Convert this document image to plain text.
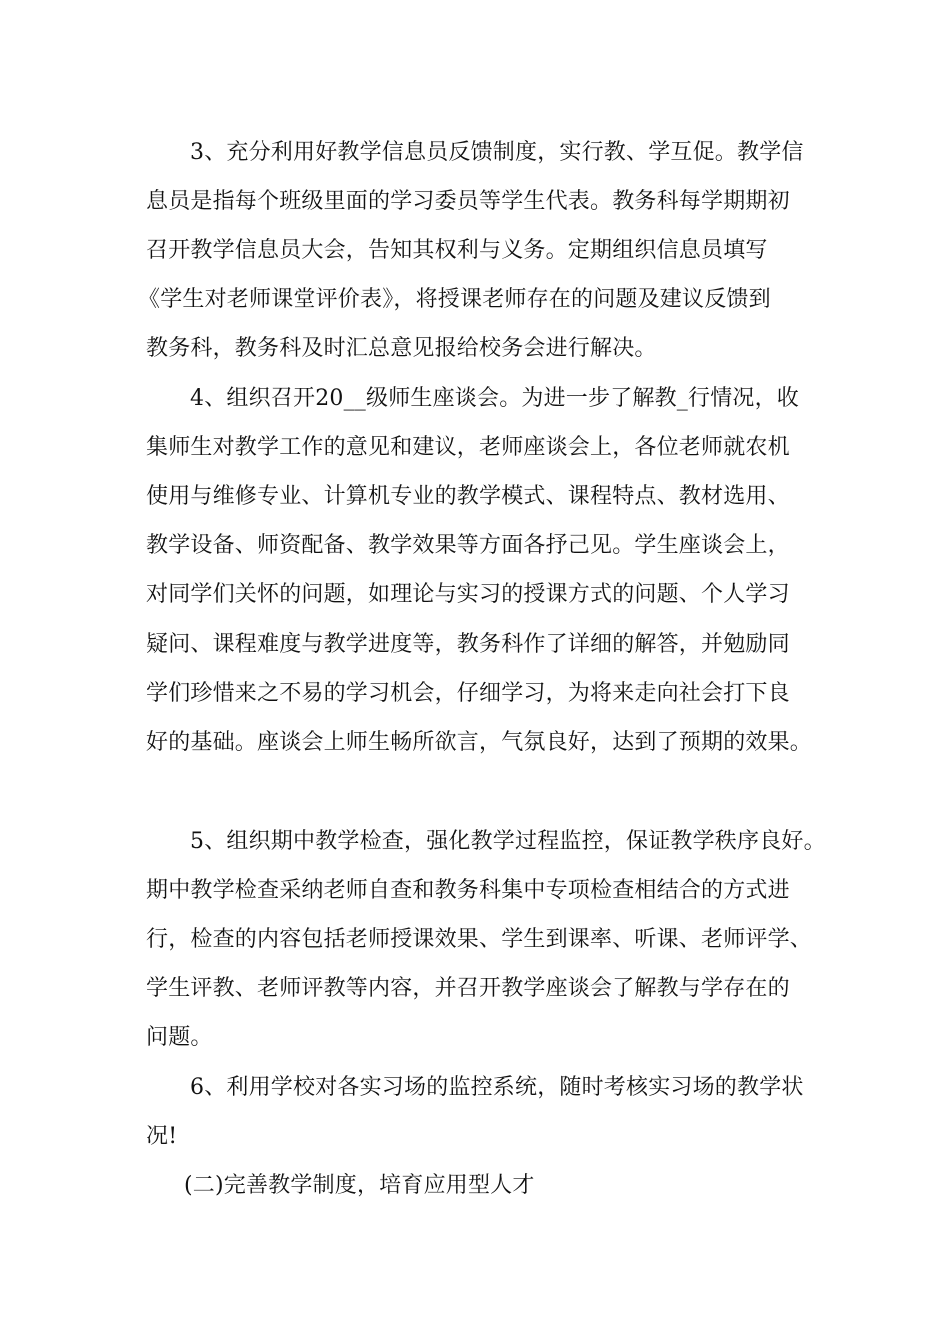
3、充分利用好教学信息员反馈制度，实行教、学互促。教学信
息员是指每个班级里面的学习委员等学生代表。教务科每学期期初
召开教学信息员大会，告知其权利与义务。定期组织信息员填写
《学生对老师课堂评价表》，将授课老师存在的问题及建议反馈到
教务科，教务科及时汇总意见报给校务会进行解决。
4、组织召开20__级师生座谈会。为进一步了解教_行情况，收
集师生对教学工作的意见和建议，老师座谈会上，各位老师就农机
使用与维修专业、计算机专业的教学模式、课程特点、教材选用、
教学设备、师资配备、教学效果等方面各抒己见。学生座谈会上，
对同学们关怀的问题，如理论与实习的授课方式的问题、个人学习
疑问、课程难度与教学进度等，教务科作了详细的解答，并勉励同
学们珍惜来之不易的学习机会，仔细学习，为将来走向社会打下良
好的基础。座谈会上师生畅所欲言，气氛良好，达到了预期的效果。
5、组织期中教学检查，强化教学过程监控，保证教学秩序良好。
期中教学检查采纳老师自查和教务科集中专项检查相结合的方式进
行，检查的内容包括老师授课效果、学生到课率、听课、老师评学、
学生评教、老师评教等内容，并召开教学座谈会了解教与学存在的
问题。
6、利用学校对各实习场的监控系统，随时考核实习场的教学状
况!
(二)完善教学制度，培育应用型人才
